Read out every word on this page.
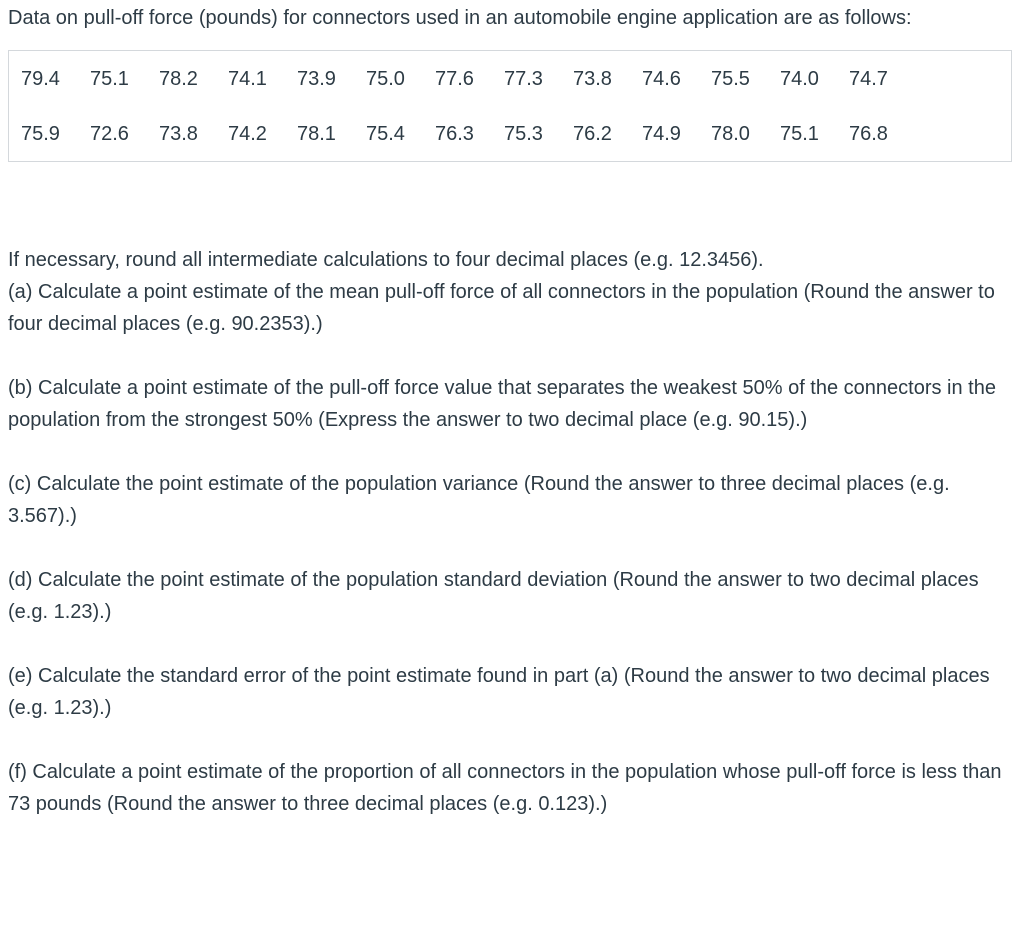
Data on pull-off force (pounds) for connectors used in an automobile engine application are as follows:

79.4	75.1	78.2	74.1	73.9	75.0	77.6	77.3	73.8	74.6	75.5	74.0	74.7
75.9	72.6	73.8	74.2	78.1	75.4	76.3	75.3	76.2	74.9	78.0	75.1	76.8

If necessary, round all intermediate calculations to four decimal places (e.g. 12.3456).

(a) Calculate a point estimate of the mean pull-off force of all connectors in the population (Round the answer to four decimal places (e.g. 90.2353).)

(b) Calculate a point estimate of the pull-off force value that separates the weakest 50% of the connectors in the population from the strongest 50% (Express the answer to two decimal place (e.g. 90.15).)

(c) Calculate the point estimate of the population variance (Round the answer to three decimal places (e.g. 3.567).)

(d) Calculate the point estimate of the population standard deviation (Round the answer to two decimal places (e.g. 1.23).)

(e) Calculate the standard error of the point estimate found in part (a) (Round the answer to two decimal places (e.g. 1.23).)

(f) Calculate a point estimate of the proportion of all connectors in the population whose pull-off force is less than 73 pounds (Round the answer to three decimal places (e.g. 0.123).)
